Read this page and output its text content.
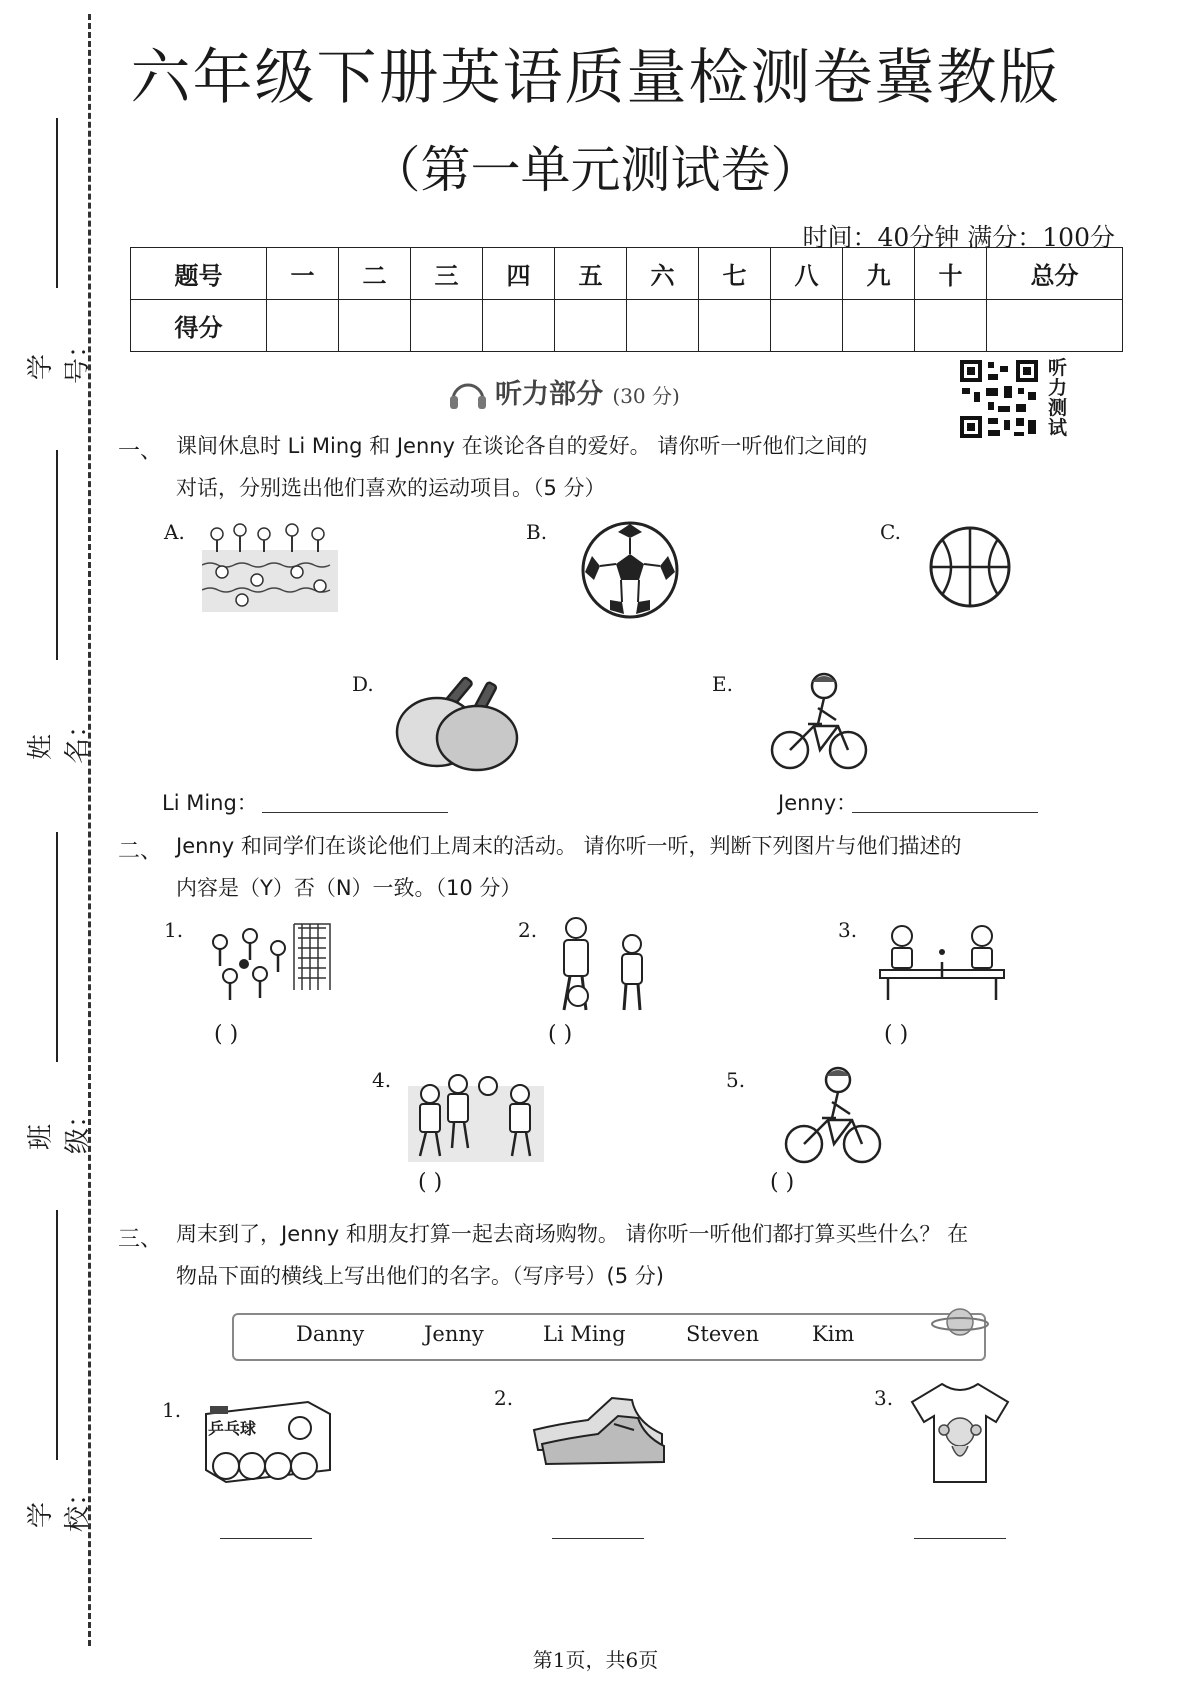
学号：
姓名：
班级：
学校：
六年级下册英语质量检测卷冀教版
（第一单元测试卷）
时间：40分钟 满分：100分
题号	一	二	三	四	五	六	七	八	九	十	总分
得分											
听力部分 (30 分)
听力测试
一、 课间休息时 Li Ming 和 Jenny 在谈论各自的爱好。 请你听一听他们之间的
对话，分别选出他们喜欢的运动项目。（5 分）
A.	B.	C.
D.	E.
Li Ming：	Jenny：
二、 Jenny 和同学们在谈论他们上周末的活动。 请你听一听，判断下列图片与他们描述的
内容是（Y）否（N）一致。（10 分）
1.
( )
2.
( )
3.
( )
4.
( )
5.
( )
三、 周末到了，Jenny 和朋友打算一起去商场购物。 请你听一听他们都打算买些什么？ 在
物品下面的横线上写出他们的名字。（写序号）(5 分)
Danny	Jenny	Li Ming	Steven	Kim
1.
乒乓球
2.	3.
第1页，共6页
